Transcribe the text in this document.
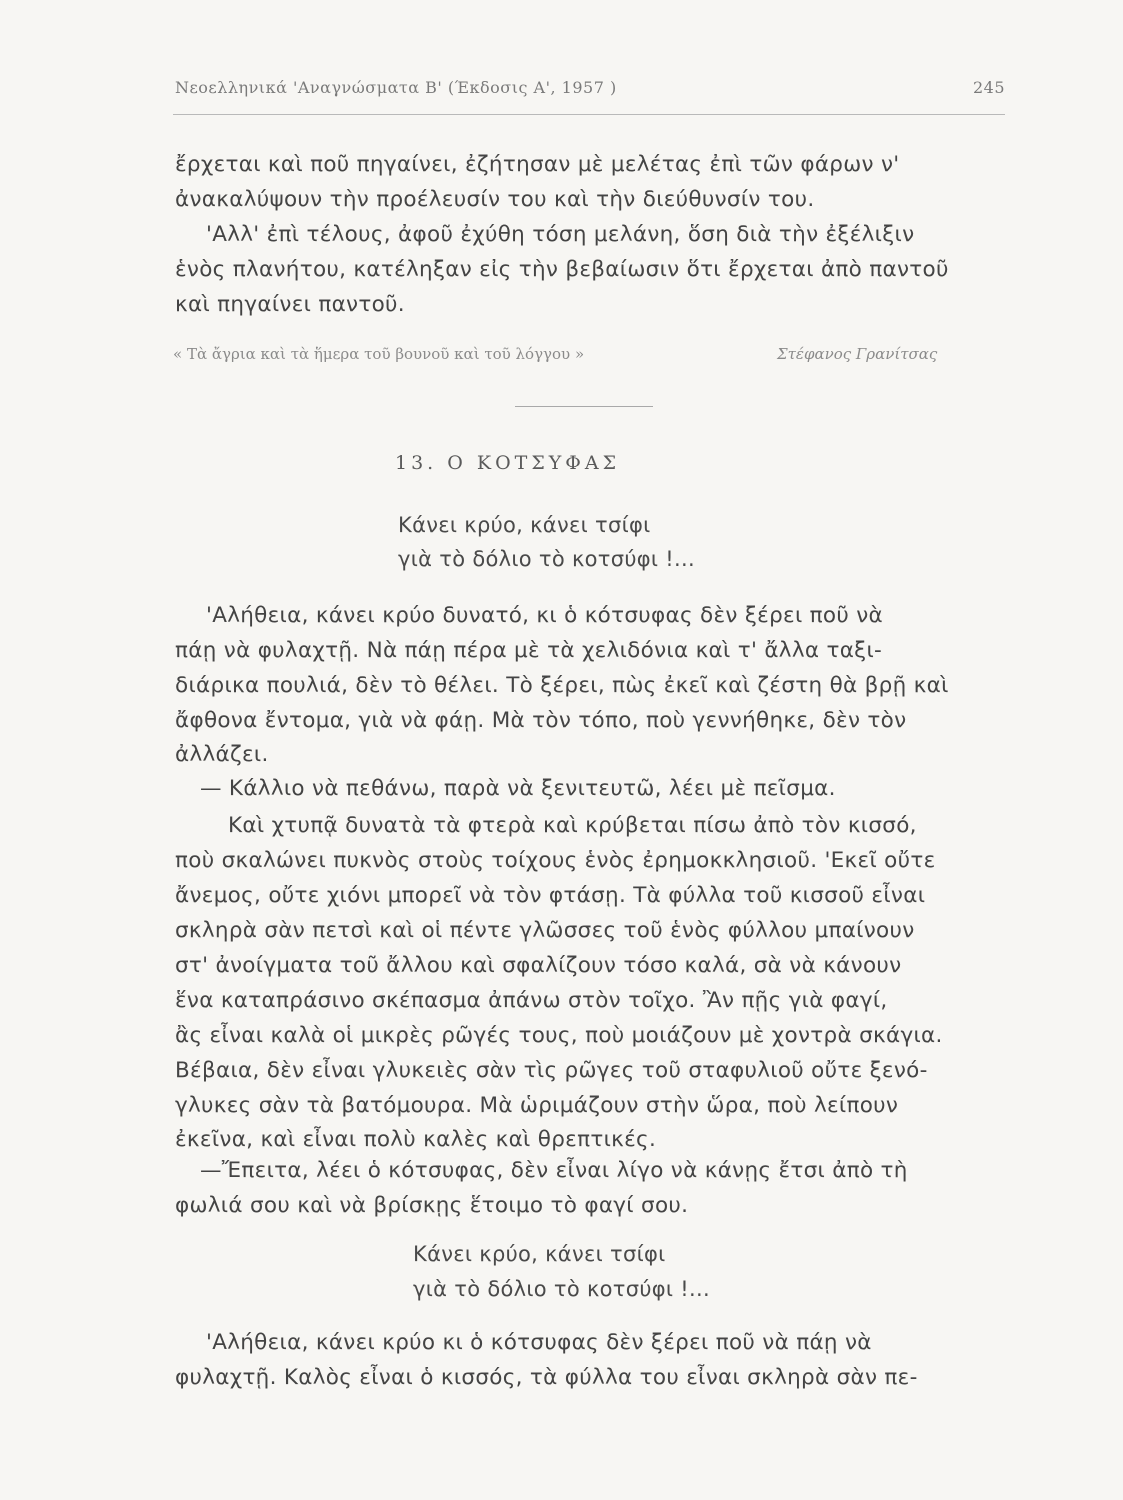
Νεοελληνικά 'Αναγνώσματα Β' (Έκδοσις Α', 1957 )	245
ἔρχεται καὶ ποῦ πηγαίνει, ἐζήτησαν μὲ μελέτας ἐπὶ τῶν φάρων ν'
ἀνακαλύψουν τὴν προέλευσίν του καὶ τὴν διεύθυνσίν του.
'Αλλ' ἐπὶ τέλους, ἀφοῦ ἐχύθη τόση μελάνη, ὅση διὰ τὴν ἐξέλιξιν
ἑνὸς πλανήτου, κατέληξαν εἰς τὴν βεβαίωσιν ὅτι ἔρχεται ἀπὸ παντοῦ
καὶ πηγαίνει παντοῦ.
« Τὰ ἄγρια καὶ τὰ ἥμερα τοῦ βουνοῦ καὶ τοῦ λόγγου »	Στέφανος Γρανίτσας
13. Ο ΚΟΤΣΥΦΑΣ
Κάνει κρύο, κάνει τσίφι
γιὰ τὸ δόλιο τὸ κοτσύφι !...
'Αλήθεια, κάνει κρύο δυνατό, κι ὁ κότσυφας δὲν ξέρει ποῦ νὰ
πάῃ νὰ φυλαχτῇ. Νὰ πάῃ πέρα μὲ τὰ χελιδόνια καὶ τ' ἄλλα ταξι-
διάρικα πουλιά, δὲν τὸ θέλει. Τὸ ξέρει, πὼς ἐκεῖ καὶ ζέστη θὰ βρῇ καὶ
ἄφθονα ἔντομα, γιὰ νὰ φάῃ. Μὰ τὸν τόπο, ποὺ γεννήθηκε, δὲν τὸν
ἀλλάζει.
— Κάλλιο νὰ πεθάνω, παρὰ νὰ ξενιτευτῶ, λέει μὲ πεῖσμα.
Καὶ χτυπᾷ δυνατὰ τὰ φτερὰ καὶ κρύβεται πίσω ἀπὸ τὸν κισσό,
ποὺ σκαλώνει πυκνὸς στοὺς τοίχους ἑνὸς ἐρημοκκλησιοῦ. 'Εκεῖ οὔτε
ἄνεμος, οὔτε χιόνι μπορεῖ νὰ τὸν φτάσῃ. Τὰ φύλλα τοῦ κισσοῦ εἶναι
σκληρὰ σὰν πετσὶ καὶ οἱ πέντε γλῶσσες τοῦ ἑνὸς φύλλου μπαίνουν
στ' ἀνοίγματα τοῦ ἄλλου καὶ σφαλίζουν τόσο καλά, σὰ νὰ κάνουν
ἕνα καταπράσινο σκέπασμα ἀπάνω στὸν τοῖχο. Ἂν πῇς γιὰ φαγί,
ἂς εἶναι καλὰ οἱ μικρὲς ρῶγές τους, ποὺ μοιάζουν μὲ χοντρὰ σκάγια.
Βέβαια, δὲν εἶναι γλυκειὲς σὰν τὶς ρῶγες τοῦ σταφυλιοῦ οὔτε ξενό-
γλυκες σὰν τὰ βατόμουρα. Μὰ ὡριμάζουν στὴν ὥρα, ποὺ λείπουν
ἐκεῖνα, καὶ εἶναι πολὺ καλὲς καὶ θρεπτικές.
—Ἔπειτα, λέει ὁ κότσυφας, δὲν εἶναι λίγο νὰ κάνῃς ἔτσι ἀπὸ τὴ
φωλιά σου καὶ νὰ βρίσκῃς ἕτοιμο τὸ φαγί σου.
Κάνει κρύο, κάνει τσίφι
γιὰ τὸ δόλιο τὸ κοτσύφι !...
'Αλήθεια, κάνει κρύο κι ὁ κότσυφας δὲν ξέρει ποῦ νὰ πάῃ νὰ
φυλαχτῇ. Καλὸς εἶναι ὁ κισσός, τὰ φύλλα του εἶναι σκληρὰ σὰν πε-
